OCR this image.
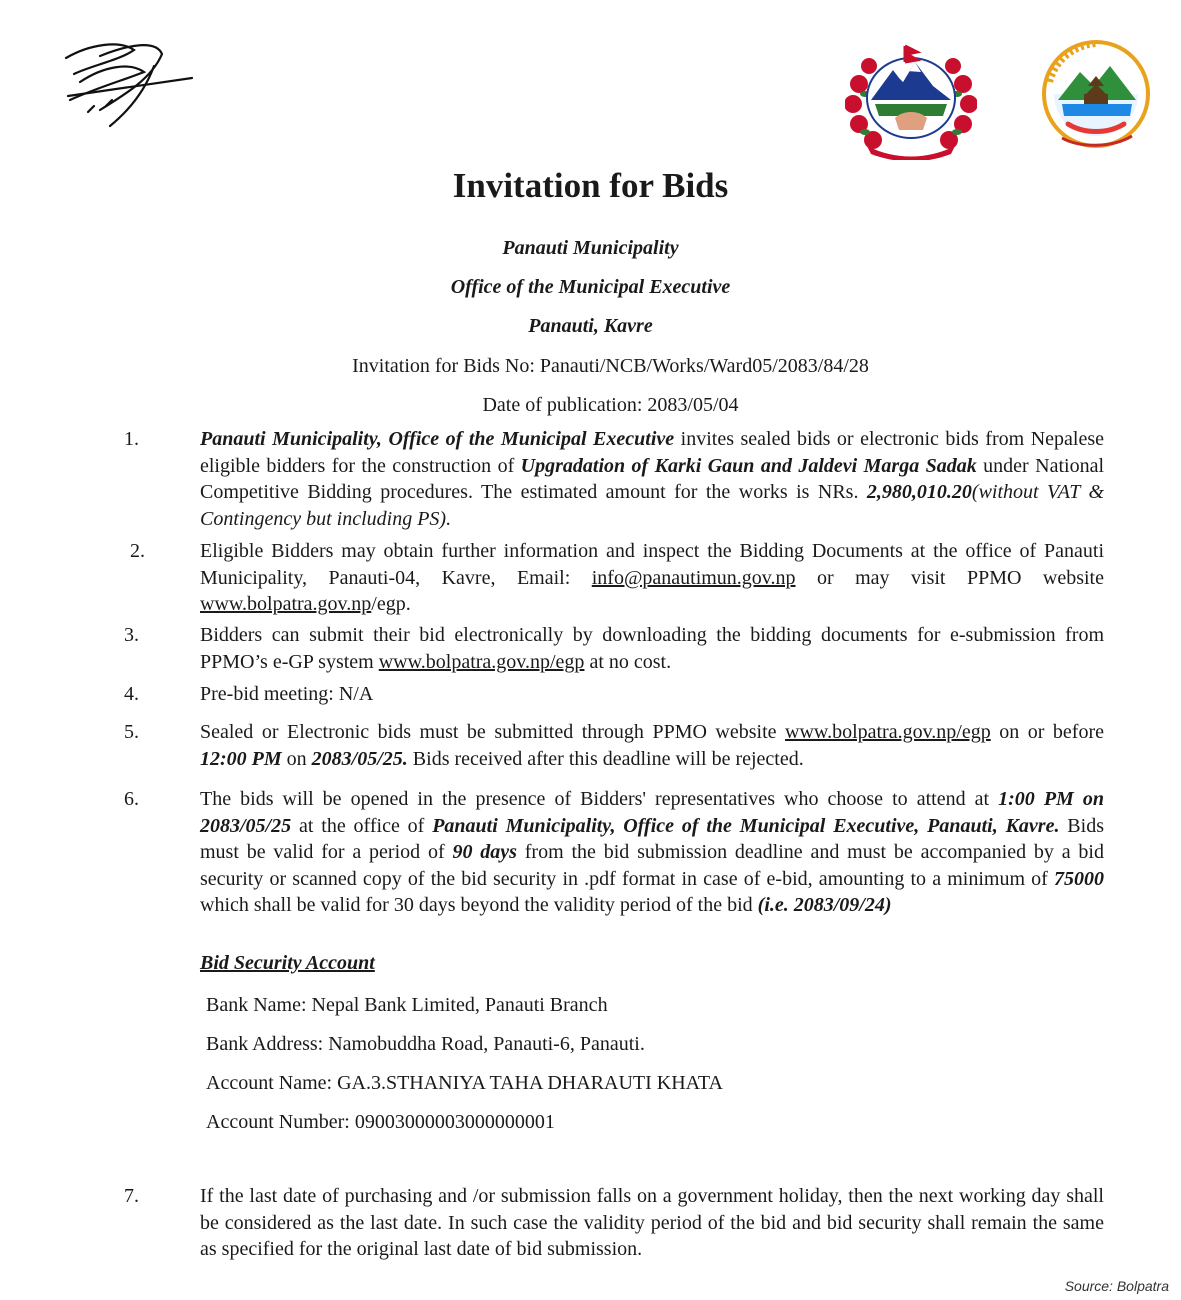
Invitation for Bids
Panauti Municipality
Office of the Municipal Executive
Panauti, Kavre
Invitation for Bids No: Panauti/NCB/Works/Ward05/2083/84/28
Date of publication: 2083/05/04
1.	Panauti Municipality, Office of the Municipal Executive invites sealed bids or electronic bids from Nepalese eligible bidders for the construction of Upgradation of Karki Gaun and Jaldevi Marga Sadak under National Competitive Bidding procedures. The estimated amount for the works is NRs. 2,980,010.20(without VAT & Contingency but including PS).
2.	Eligible Bidders may obtain further information and inspect the Bidding Documents at the office of Panauti Municipality, Panauti-04, Kavre, Email: info@panautimun.gov.np or may visit PPMO website www.bolpatra.gov.np/egp.
3.	Bidders can submit their bid electronically by downloading the bidding documents for e-submission from PPMO’s e-GP system www.bolpatra.gov.np/egp at no cost.
4.	Pre-bid meeting: N/A
5.	Sealed or Electronic bids must be submitted through PPMO website www.bolpatra.gov.np/egp on or before 12:00 PM on 2083/05/25. Bids received after this deadline will be rejected.
6.	The bids will be opened in the presence of Bidders' representatives who choose to attend at 1:00 PM on 2083/05/25 at the office of Panauti Municipality, Office of the Municipal Executive, Panauti, Kavre. Bids must be valid for a period of 90 days from the bid submission deadline and must be accompanied by a bid security or scanned copy of the bid security in .pdf format in case of e-bid, amounting to a minimum of 75000 which shall be valid for 30 days beyond the validity period of the bid (i.e. 2083/09/24)
Bid Security Account
Bank Name: Nepal Bank Limited, Panauti Branch
Bank Address: Namobuddha Road, Panauti-6, Panauti.
Account Name: GA.3.STHANIYA TAHA DHARAUTI KHATA
Account Number: 09003000003000000001
7.	If the last date of purchasing and /or submission falls on a government holiday, then the next working day shall be considered as the last date. In such case the validity period of the bid and bid security shall remain the same as specified for the original last date of bid submission.
Source: Bolpatra
